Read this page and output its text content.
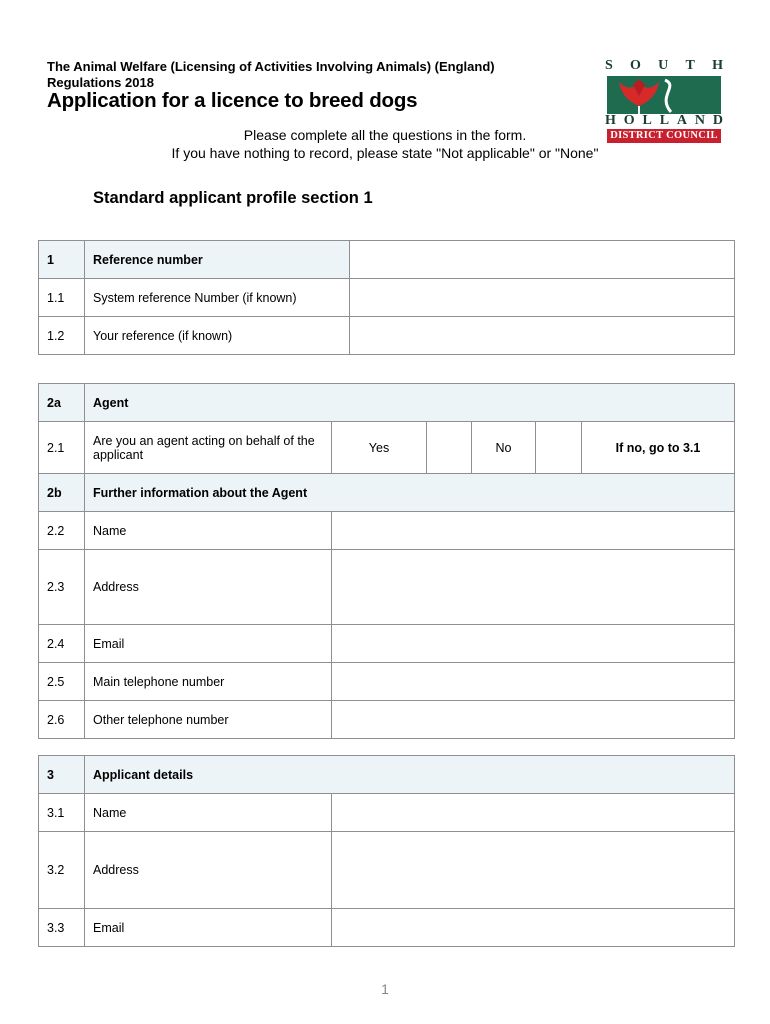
The Animal Welfare (Licensing of Activities Involving Animals) (England) Regulations 2018
Application for a licence to breed dogs
Please complete all the questions in the form.
If you have nothing to record, please state "Not applicable" or "None"
S O U T H
H O L L A N D
DISTRICT COUNCIL
Standard applicant profile section 1
1	Reference number	
1.1	System reference Number (if known)	
1.2	Your reference (if known)	
2a	Agent					
2.1	Are you an agent acting on behalf of the applicant	Yes		No		If no, go to 3.1
2b	Further information about the Agent					
2.2	Name	
2.3	Address	
2.4	Email	
2.5	Main telephone number	
2.6	Other telephone number	
3	Applicant details	
3.1	Name	
3.2	Address	
3.3	Email	
1
